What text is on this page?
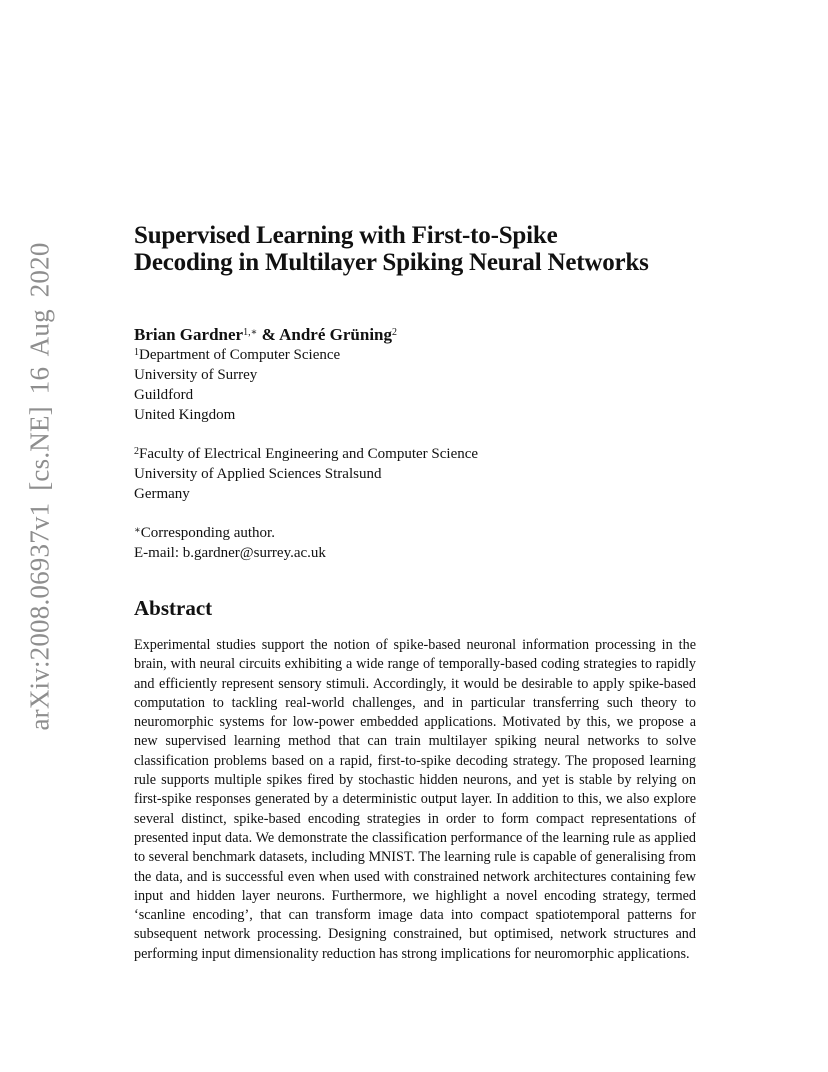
arXiv:2008.06937v1 [cs.NE] 16 Aug 2020
Supervised Learning with First-to-Spike
Decoding in Multilayer Spiking Neural Networks
Brian Gardner$^{1,∗}$ & André Grüning$^2$
$^1$Department of Computer Science
University of Surrey
Guildford
United Kingdom
$^2$Faculty of Electrical Engineering and Computer Science
University of Applied Sciences Stralsund
Germany
∗Corresponding author.
E-mail: b.gardner@surrey.ac.uk
Abstract

Experimental studies support the notion of spike-based neuronal information processing in the brain, with neural circuits exhibiting a wide range of temporally-based coding strategies to rapidly and efficiently represent sensory stimuli. Accordingly, it would be desirable to apply spike-based computation to tackling real-world challenges, and in particular transferring such theory to neuromorphic systems for low-power embedded applications. Motivated by this, we propose a new supervised learning method that can train multilayer spiking neural networks to solve classification problems based on a rapid, first-to-spike decoding strategy. The proposed learning rule supports multiple spikes fired by stochastic hidden neurons, and yet is stable by relying on first-spike responses generated by a deterministic output layer. In addition to this, we also explore several distinct, spike-based encoding strategies in order to form compact representations of presented input data. We demonstrate the classification performance of the learning rule as applied to several benchmark datasets, including MNIST. The learning rule is capable of generalising from the data, and is successful even when used with constrained network architectures containing few input and hidden layer neurons. Furthermore, we highlight a novel encoding strategy, termed ‘scanline encoding’, that can transform image data into compact spatiotemporal patterns for subsequent network processing. Designing constrained, but optimised, network structures and performing input dimensionality reduction has strong implications for neuromorphic applications.
